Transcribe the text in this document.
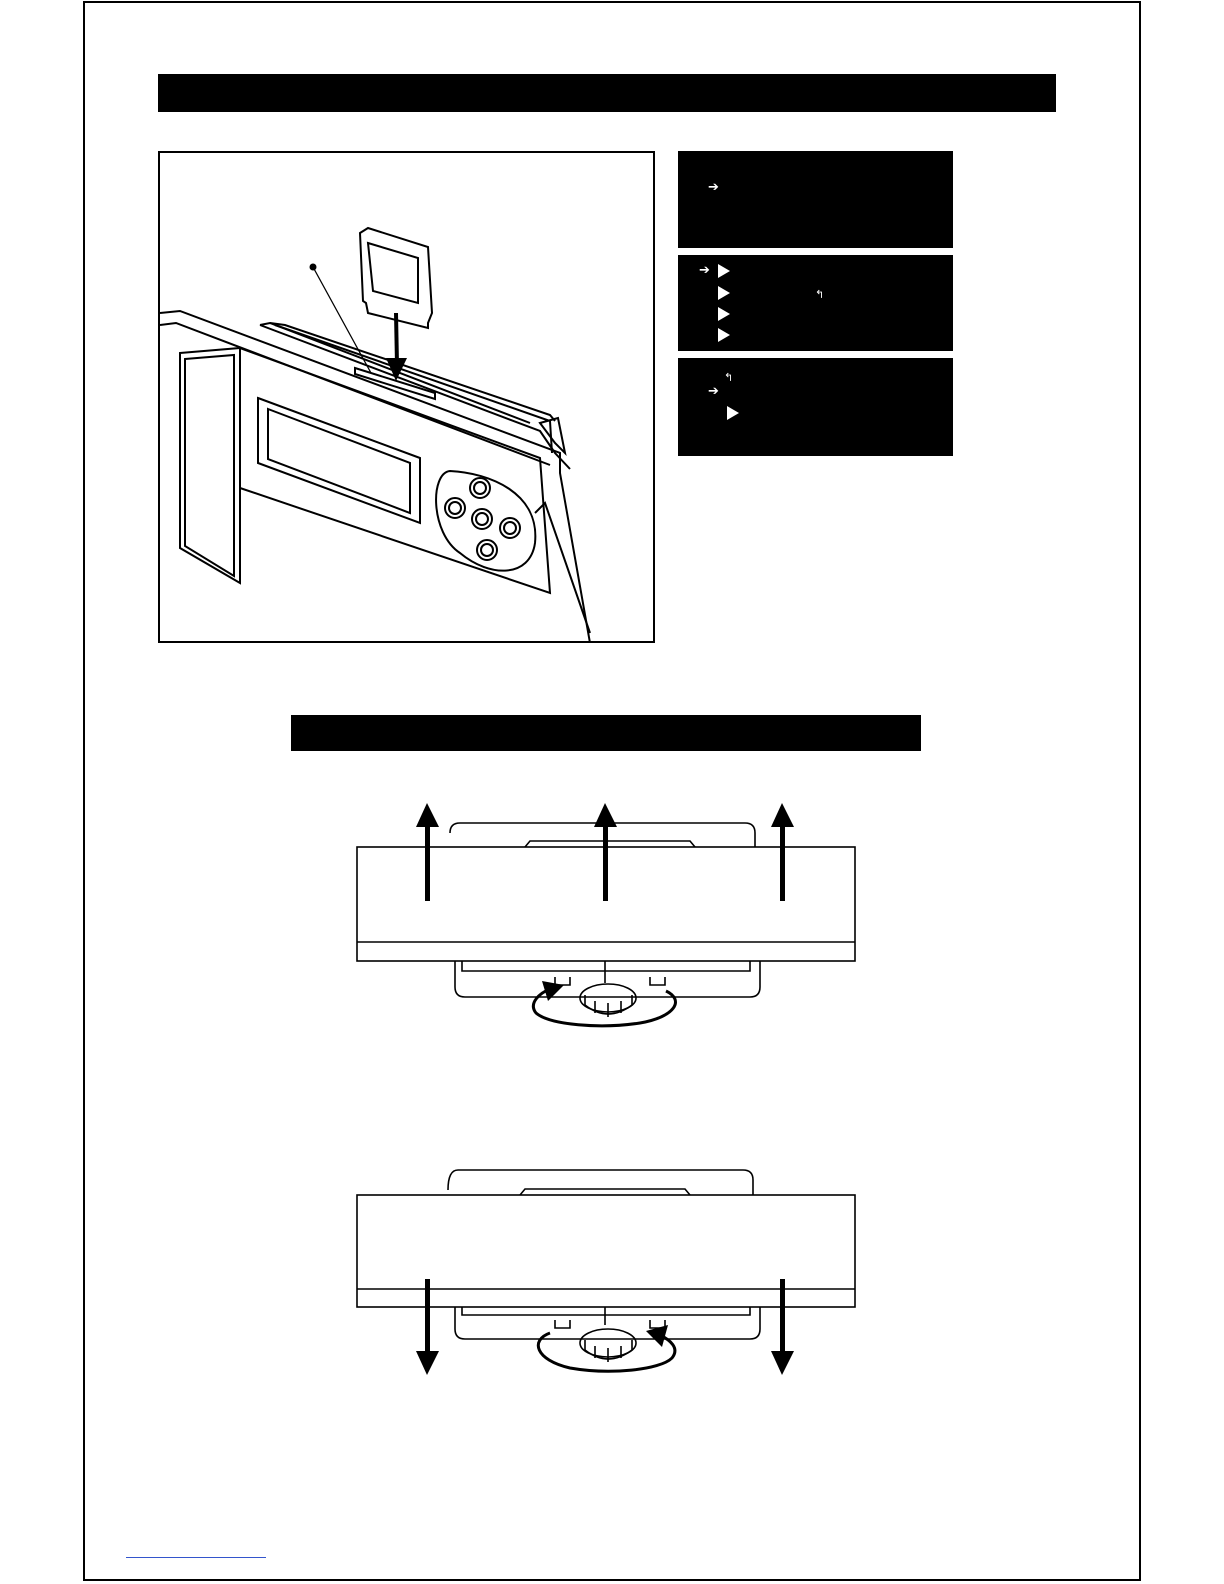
➔
➔
↰
↰
➔
